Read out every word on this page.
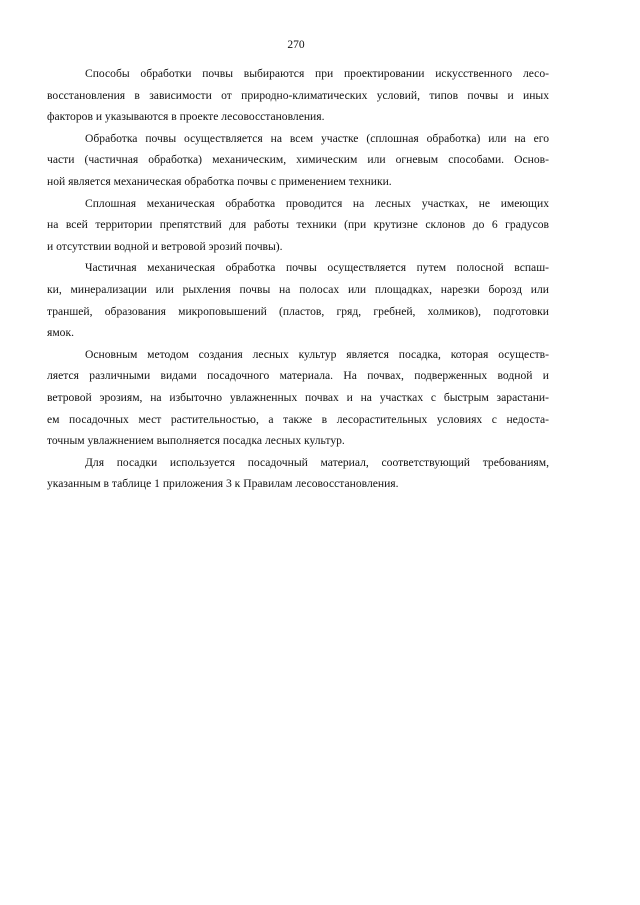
270

Способы обработки почвы выбираются при проектировании искусственного лесо-
восстановления в зависимости от природно-климатических условий, типов почвы и иных
факторов и указываются в проекте лесовосстановления.

Обработка почвы осуществляется на всем участке (сплошная обработка) или на его
части (частичная обработка) механическим, химическим или огневым способами. Основ-
ной является механическая обработка почвы с применением техники.

Сплошная механическая обработка проводится на лесных участках, не имеющих
на всей территории препятствий для работы техники (при крутизне склонов до 6 градусов
и отсутствии водной и ветровой эрозий почвы).

Частичная механическая обработка почвы осуществляется путем полосной вспаш-
ки, минерализации или рыхления почвы на полосах или площадках, нарезки борозд или
траншей, образования микроповышений (пластов, гряд, гребней, холмиков), подготовки
ямок.

Основным методом создания лесных культур является посадка, которая осуществ-
ляется различными видами посадочного материала. На почвах, подверженных водной и
ветровой эрозиям, на избыточно увлажненных почвах и на участках с быстрым зарастани-
ем посадочных мест растительностью, а также в лесорастительных условиях с недоста-
точным увлажнением выполняется посадка лесных культур.

Для посадки используется посадочный материал, соответствующий требованиям,
указанным в таблице 1 приложения 3 к Правилам лесовосстановления.
